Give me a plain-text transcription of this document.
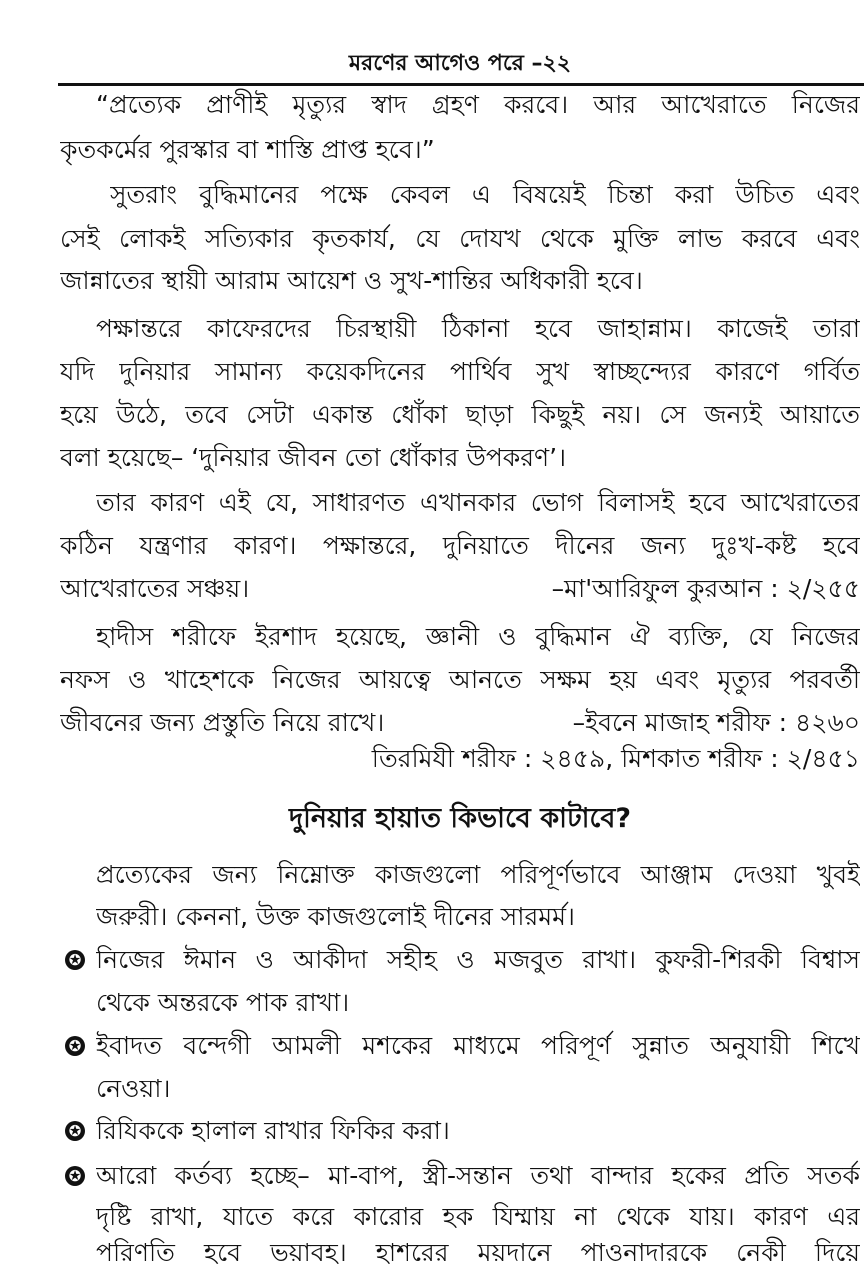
মরণের আগেও পরে –২২
“প্রত্যেক প্রাণীই মৃত্যুর স্বাদ গ্রহণ করবে। আর আখেরাতে নিজের
কৃতকর্মের পুরস্কার বা শাস্তি প্রাপ্ত হবে।”
সুতরাং বুদ্ধিমানের পক্ষে কেবল এ বিষয়েই চিন্তা করা উচিত এবং
সেই লোকই সত্যিকার কৃতকার্য, যে দোযখ থেকে মুক্তি লাভ করবে এবং
জান্নাতের স্থায়ী আরাম আয়েশ ও সুখ-শান্তির অধিকারী হবে।
পক্ষান্তরে কাফেরদের চিরস্থায়ী ঠিকানা হবে জাহান্নাম। কাজেই তারা
যদি দুনিয়ার সামান্য কয়েকদিনের পার্থিব সুখ স্বাচ্ছন্দ্যের কারণে গর্বিত
হয়ে উঠে, তবে সেটা একান্ত ধোঁকা ছাড়া কিছুই নয়। সে জন্যই আয়াতে
বলা হয়েছে– ‘দুনিয়ার জীবন তো ধোঁকার উপকরণ’।
তার কারণ এই যে, সাধারণত এখানকার ভোগ বিলাসই হবে আখেরাতের
কঠিন যন্ত্রণার কারণ। পক্ষান্তরে, দুনিয়াতে দীনের জন্য দুঃখ-কষ্ট হবে
আখেরাতের সঞ্চয়।	–মা'আরিফুল কুরআন : ২/২৫৫
হাদীস শরীফে ইরশাদ হয়েছে, জ্ঞানী ও বুদ্ধিমান ঐ ব্যক্তি, যে নিজের
নফস ও খাহেশকে নিজের আয়ত্বে আনতে সক্ষম হয় এবং মৃত্যুর পরবর্তী
জীবনের জন্য প্রস্তুতি নিয়ে রাখে।	–ইবনে মাজাহ শরীফ : ৪২৬০
তিরমিযী শরীফ : ২৪৫৯, মিশকাত শরীফ : ২/৪৫১
দুনিয়ার হায়াত কিভাবে কাটাবে?
প্রত্যেকের জন্য নিম্নোক্ত কাজগুলো পরিপূর্ণভাবে আঞ্জাম দেওয়া খুবই
জরুরী। কেননা, উক্ত কাজগুলোই দীনের সারমর্ম।
✪ নিজের ঈমান ও আকীদা সহীহ ও মজবুত রাখা। কুফরী-শিরকী বিশ্বাস
থেকে অন্তরকে পাক রাখা।
✪ ইবাদত বন্দেগী আমলী মশকের মাধ্যমে পরিপূর্ণ সুন্নাত অনুযায়ী শিখে
নেওয়া।
✪ রিযিককে হালাল রাখার ফিকির করা।
✪ আরো কর্তব্য হচ্ছে– মা-বাপ, স্ত্রী-সন্তান তথা বান্দার হকের প্রতি সতর্ক
দৃষ্টি রাখা, যাতে করে কারোর হক যিম্মায় না থেকে যায়। কারণ এর
পরিণতি হবে ভয়াবহ। হাশরের ময়দানে পাওনাদারকে নেকী দিয়ে
